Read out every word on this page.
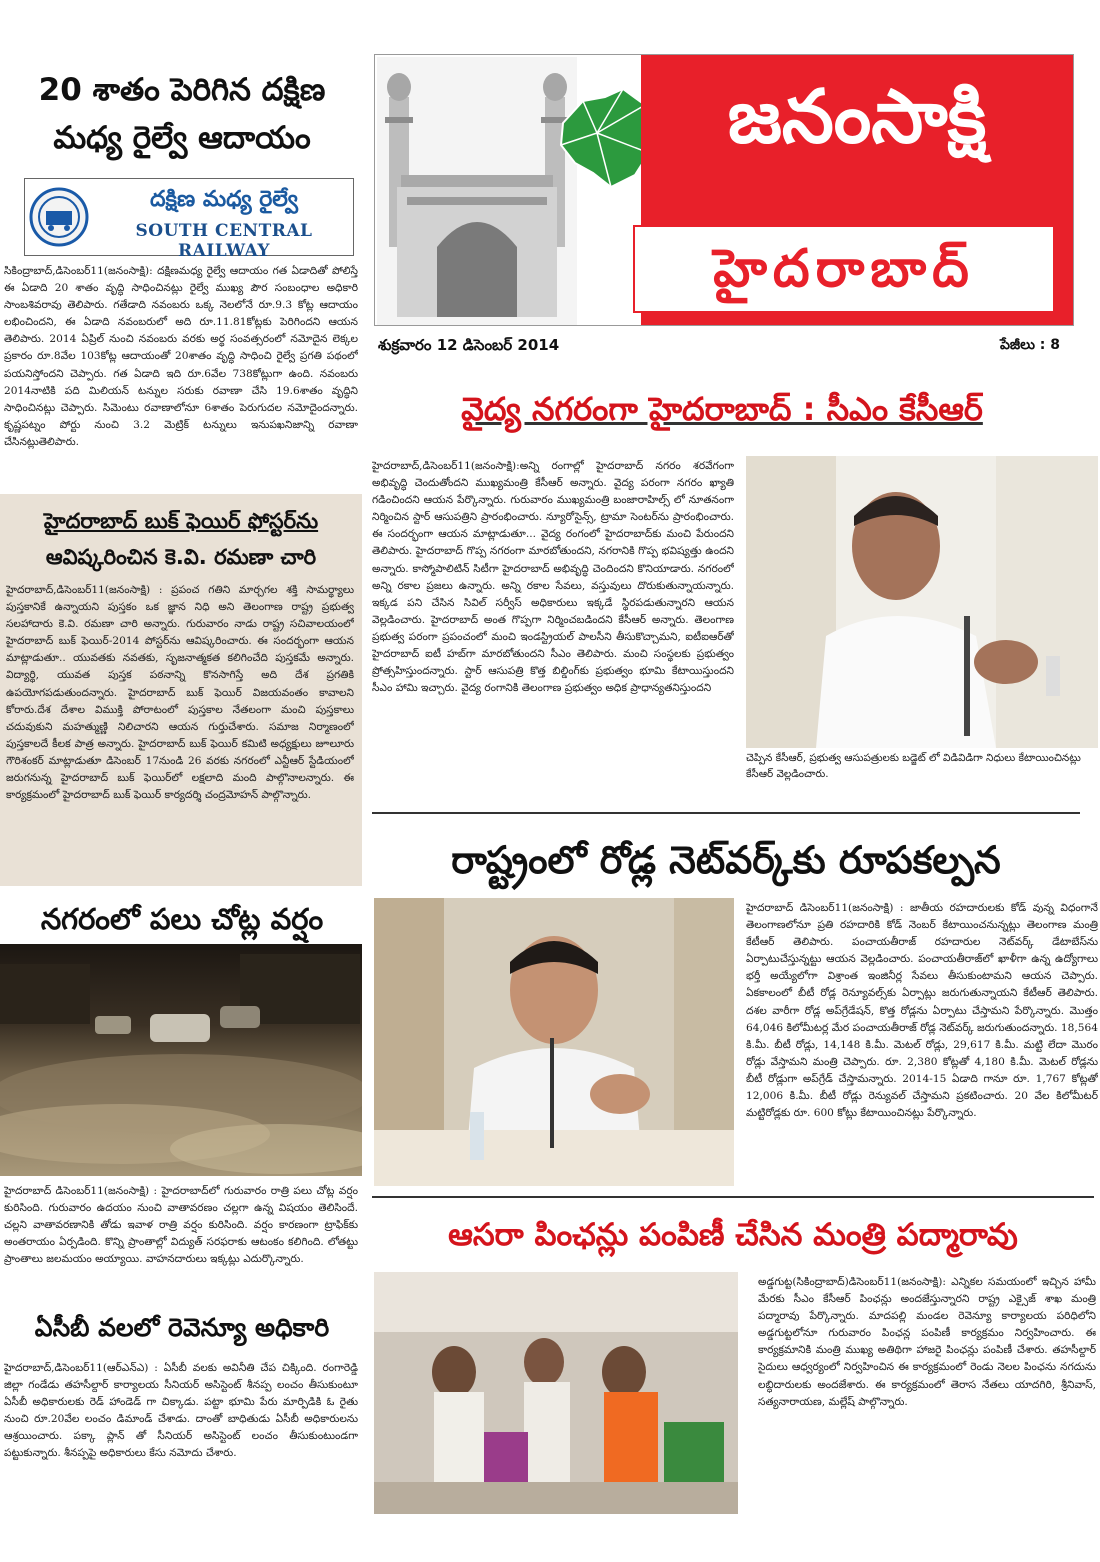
20 శాతం పెరిగిన దక్షిణ మధ్య రైల్వే ఆదాయం
దక్షిణ మధ్య రైల్వే
SOUTH CENTRAL RAILWAY
సికింద్రాబాద్,డిసెంబర్11(జనంసాక్షి): దక్షిణమధ్య రైల్వే ఆదాయం గత ఏడాదితో పోలిస్తే ఈ ఏడాది 20 శాతం వృద్ధి సాధించినట్లు రైల్వే ముఖ్య పౌర సంబంధాల అధికారి సాంబశివరావు తెలిపారు. గతేడాది నవంబరు ఒక్క నెలలోనే రూ.9.3 కోట్ల ఆదాయం లభించిందని, ఈ ఏడాది నవంబరులో అది రూ.11.81కోట్లకు పెరిగిందని ఆయన తెలిపారు. 2014 ఏప్రిల్ నుంచి నవంబరు వరకు అర్థ సంవత్సరంలో నమోదైన లెక్కల ప్రకారం రూ.8వేల 103కోట్ల ఆదాయంతో 20శాతం వృద్ధి సాధించి రైల్వే ప్రగతి పథంలో పయనిస్తోందని చెప్పారు. గత ఏడాది ఇది రూ.6వేల 738కోట్లుగా ఉంది. నవంబరు 2014నాటికి పది మిలియన్ టన్నుల సరుకు రవాణా చేసి 19.6శాతం వృద్ధిని సాధించినట్లు చెప్పారు. సిమెంటు రవాణాలోనూ 6శాతం పెరుగుదల నమోదైందన్నారు. కృష్ణపట్నం పోర్టు నుంచి 3.2 మెట్రిక్ టన్నులు ఇనుపఖనిజాన్ని రవాణా చేసినట్లుతెలిపారు.
హైదరాబాద్ బుక్ ఫెయిర్ ఫోస్టర్‌ను
ఆవిష్కరించిన కె.వి. రమణా చారి
హైదరాబాద్,డిసెంబర్11(జనంసాక్షి) : ప్రపంచ గతిని మార్చగల శక్తి సామర్థ్యాలు పుస్తకానికే ఉన్నాయని పుస్తకం ఒక జ్ఞాన నిధి అని తెలంగాణ రాష్ట్ర ప్రభుత్వ సలహాదారు కె.వి. రమణా చారి అన్నారు. గురువారం నాడు రాష్ట్ర సచివాలయంలో హైదరాబాద్ బుక్ ఫెయిర్-2014 పోస్టర్‌ను ఆవిష్కరించారు. ఈ సందర్భంగా ఆయన మాట్లాడుతూ.. యువతకు నవతకు, సృజనాత్మకత కలిగించేది పుస్తకమే అన్నారు. విద్యార్థి, యువత పుస్తక పఠనాన్ని కొనసాగిస్తే అది దేశ ప్రగతికి ఉపయోగపడుతుందన్నారు. హైదరాబాద్ బుక్ ఫెయిర్ విజయవంతం కావాలని కోరారు.దేశ దేశాల విముక్తి పోరాటంలో పుస్తకాల నేతలంగా మంచి పుస్తకాలు చదువుకుని మహత్ముణ్ణి నిలిచారని ఆయన గుర్తుచేశారు. సమాజ నిర్మాణంలో పుస్తకాలదే కీలక పాత్ర అన్నారు. హైదరాబాద్ బుక్ ఫెయిర్ కమిటి అధ్యక్షులు జూలూరు గౌరిశంకర్ మాట్లాడుతూ డిసెంబర్ 17నుండి 26 వరకు నగరంలో ఎన్టీఆర్ స్టేడియంలో జరుగనున్న హైదరాబాద్ బుక్ ఫెయిర్‌లో లక్షలాది మంది పాల్గొనాలన్నారు. ఈ కార్యక్రమంలో హైదరాబాద్ బుక్ ఫెయిర్ కార్యదర్శి చంద్రమోహన్ పాల్గొన్నారు.
నగరంలో పలు చోట్ల వర్షం
హైదరాబాద్ డిసెంబర్11(జనంసాక్షి) : హైదరాబాద్‌లో గురువారం రాత్రి పలు చోట్ల వర్షం కురిసింది. గురువారం ఉదయం నుంచి వాతావరణం చల్లగా ఉన్న విషయం తెలిసిందే. చల్లని వాతావరణానికి తోడు ఇవాళ రాత్రి వర్షం కురిసింది. వర్షం కారణంగా ట్రాఫిక్‌కు అంతరాయం ఏర్పడింది. కొన్ని ప్రాంతాల్లో విద్యుత్ సరఫరాకు ఆటంకం కలిగింది. లోతట్టు ప్రాంతాలు జలమయం అయ్యాయి. వాహనదారులు ఇక్కట్లు ఎదుర్కొన్నారు.
ఏసీబీ వలలో రెవెన్యూ అధికారి
హైదరాబాద్,డిసెంబర్11(ఆర్ఎన్ఎ) : ఏసీబీ వలకు అవినీతి చేప చిక్కింది. రంగారెడ్డి జిల్లా గండేడు తహసీల్దార్ కార్యాలయ సీనియర్ అసిస్టెంట్ శీనప్ప లంచం తీసుకుంటూ ఏసీబీ అధికారులకు రెడ్ హాండెడ్ గా చిక్కాడు. పట్టా భూమి పేరు మార్పిడికి ఓ రైతు నుంచి రూ.20వేల లంచం డిమాండ్ చేశాడు. దాంతో బాధితుడు ఏసీబీ అధికారులను ఆశ్రయించారు. పక్కా ప్లాన్ తో సీనియర్ అసిస్టెంట్ లంచం తీసుకుంటుండగా పట్టుకున్నారు. శీనప్పపై అధికారులు కేసు నమోదు చేశారు.
జనంసాక్షి
హైదరాబాద్
శుక్రవారం 12 డిసెంబర్ 2014	పేజీలు : 8
వైద్య నగరంగా హైదరాబాద్ : సీఎం కేసీఆర్
హైదరాబాద్,డిసెంబర్11(జనంసాక్షి):అన్ని రంగాల్లో హైదరాబాద్ నగరం శరవేగంగా అభివృద్ధి చెందుతోందని ముఖ్యమంత్రి కేసీఆర్ అన్నారు. వైద్య పరంగా నగరం ఖ్యాతి గడించిందని ఆయన పేర్కొన్నారు. గురువారం ముఖ్యమంత్రి బంజారాహిల్స్ లో నూతనంగా నిర్మించిన స్టార్ ఆసుపత్రిని ప్రారంభించారు. న్యూరోసైన్స్, ట్రామా సెంటర్‌ను ప్రారంభించారు. ఈ సందర్భంగా ఆయన మాట్లాడుతూ... వైద్య రంగంలో హైదరాబాద్‌కు మంచి పేరుందని తెలిపారు. హైదరాబాద్ గొప్ప నగరంగా మారబోతుందని, నగరానికి గొప్ప భవిష్యత్తు ఉందని అన్నారు. కాస్మోపాలిటిన్ సిటీగా హైదరాబాద్ అభివృద్ధి చెందిందని కొనియాడారు. నగరంలో అన్ని రకాల ప్రజలు ఉన్నారు. అన్ని రకాల సేవలు, వస్తువులు దొరుకుతున్నాయన్నారు. ఇక్కడ పని చేసిన సివిల్ సర్వీస్ అధికారులు ఇక్కడే స్థిరపడుతున్నారని ఆయన వెల్లడించారు. హైదరాబాద్ అంత గొప్పగా నిర్మించబడిందని కేసీఆర్ అన్నారు. తెలంగాణ ప్రభుత్వ పరంగా ప్రపంచంలో మంచి ఇండస్ట్రియల్ పాలసీని తీసుకొచ్చామని, ఐటీఐఆర్‌తో హైదరాబాద్ ఐటీ హబ్‌గా మారబోతుందని సీఎం తెలిపారు. మంచి సంస్థలకు ప్రభుత్వం ప్రోత్సహిస్తుందన్నారు. స్టార్ ఆసుపత్రి కొత్త బిల్డింగ్‌కు ప్రభుత్వం భూమి కేటాయిస్తుందని సీఎం హామి ఇచ్చారు. వైద్య రంగానికి తెలంగాణ ప్రభుత్వం అధిక ప్రాధాన్యతనిస్తుందని
చెప్పిన కేసీఆర్, ప్రభుత్వ ఆసుపత్రులకు బడ్జెట్ లో విడివిడిగా నిధులు కేటాయించినట్లు కేసీఆర్ వెల్లడించారు.
రాష్ట్రంలో రోడ్ల నెట్‌వర్క్‌కు రూపకల్పన
హైదరాబాద్ డిసెంబర్11(జనంసాక్షి) : జాతీయ రహదారులకు కోడ్ వున్న విధంగానే తెలంగాణలోనూ ప్రతి రహదారికి కోడ్ నెంబర్ కేటాయించనున్నట్లు తెలంగాణ మంత్రి కేటీఆర్ తెలిపారు. పంచాయతీరాజ్ రహదారుల నెట్‌వర్క్ డేటాబేస్‌ను ఏర్పాటుచేస్తున్నట్టు ఆయన వెల్లడించారు. పంచాయతీరాజ్‌లో ఖాళీగా ఉన్న ఉద్యోగాలు భర్తీ అయ్యేలోగా విశ్రాంత ఇంజినీర్ల సేవలు తీసుకుంటామని ఆయన చెప్పారు. ఏకకాలంలో బీటీ రోడ్ల రెన్యూవల్స్‌కు ఏర్పాట్లు జరుగుతున్నాయని కేటీఆర్ తెలిపారు. దశల వారీగా రోడ్ల అప్‌గ్రేడేషన్, కొత్త రోడ్లను ఏర్పాటు చేస్తామని పేర్కొన్నారు. మొత్తం 64,046 కిలోమీటర్ల మేర పంచాయతీరాజ్ రోడ్ల నెట్‌వర్క్ జరుగుతుందన్నారు. 18,564 కి.మీ. బీటీ రోడ్లు, 14,148 కి.మీ. మెటల్ రోడ్లు, 29,617 కి.మీ. మట్టి లేదా మొరం రోడ్లు వేస్తామని మంత్రి చెప్పారు. రూ. 2,380 కోట్లతో 4,180 కి.మీ. మెటల్ రోడ్లను బీటీ రోడ్లుగా అప్‌గ్రేడ్ చేస్తామన్నారు. 2014-15 ఏడాది గానూ రూ. 1,767 కోట్లతో 12,006 కి.మీ. బీటీ రోడ్లు రెన్యువల్ చేస్తామని ప్రకటించారు. 20 వేల కిలోమీటర్ మట్టిరోడ్లకు రూ. 600 కోట్లు కేటాయించినట్లు పేర్కొన్నారు.
ఆసరా పింఛన్లు పంపిణీ చేసిన మంత్రి పద్మారావు
అడ్డగుట్ట(సికింద్రాబాద్)డిసెంబర్11(జనంసాక్షి): ఎన్నికల సమయంలో ఇచ్చిన హామీ మేరకు సీఎం కేసీఆర్ పింఛన్లు అందజేస్తున్నారని రాష్ట్ర ఎక్సైజ్ శాఖ మంత్రి పద్మారావు పేర్కొన్నారు. మాదపల్లి మండల రెవెన్యూ కార్యాలయ పరిధిలోని అడ్డగుట్టలోనూ గురువారం పింఛన్ల పంపిణీ కార్యక్రమం నిర్వహించారు. ఈ కార్యక్రమానికి మంత్రి ముఖ్య అతిథిగా హాజరై పింఛన్లు పంపిణీ చేశారు. తహసీల్దార్ సైదులు ఆధ్వర్యంలో నిర్వహించిన ఈ కార్యక్రమంలో రెండు నెలల పింఛను నగదును లబ్ధిదారులకు అందజేశారు. ఈ కార్యక్రమంలో తెరాస నేతలు యాదగిరి, శ్రీనివాస్, సత్యనారాయణ, మల్లేష్ పాల్గొన్నారు.
